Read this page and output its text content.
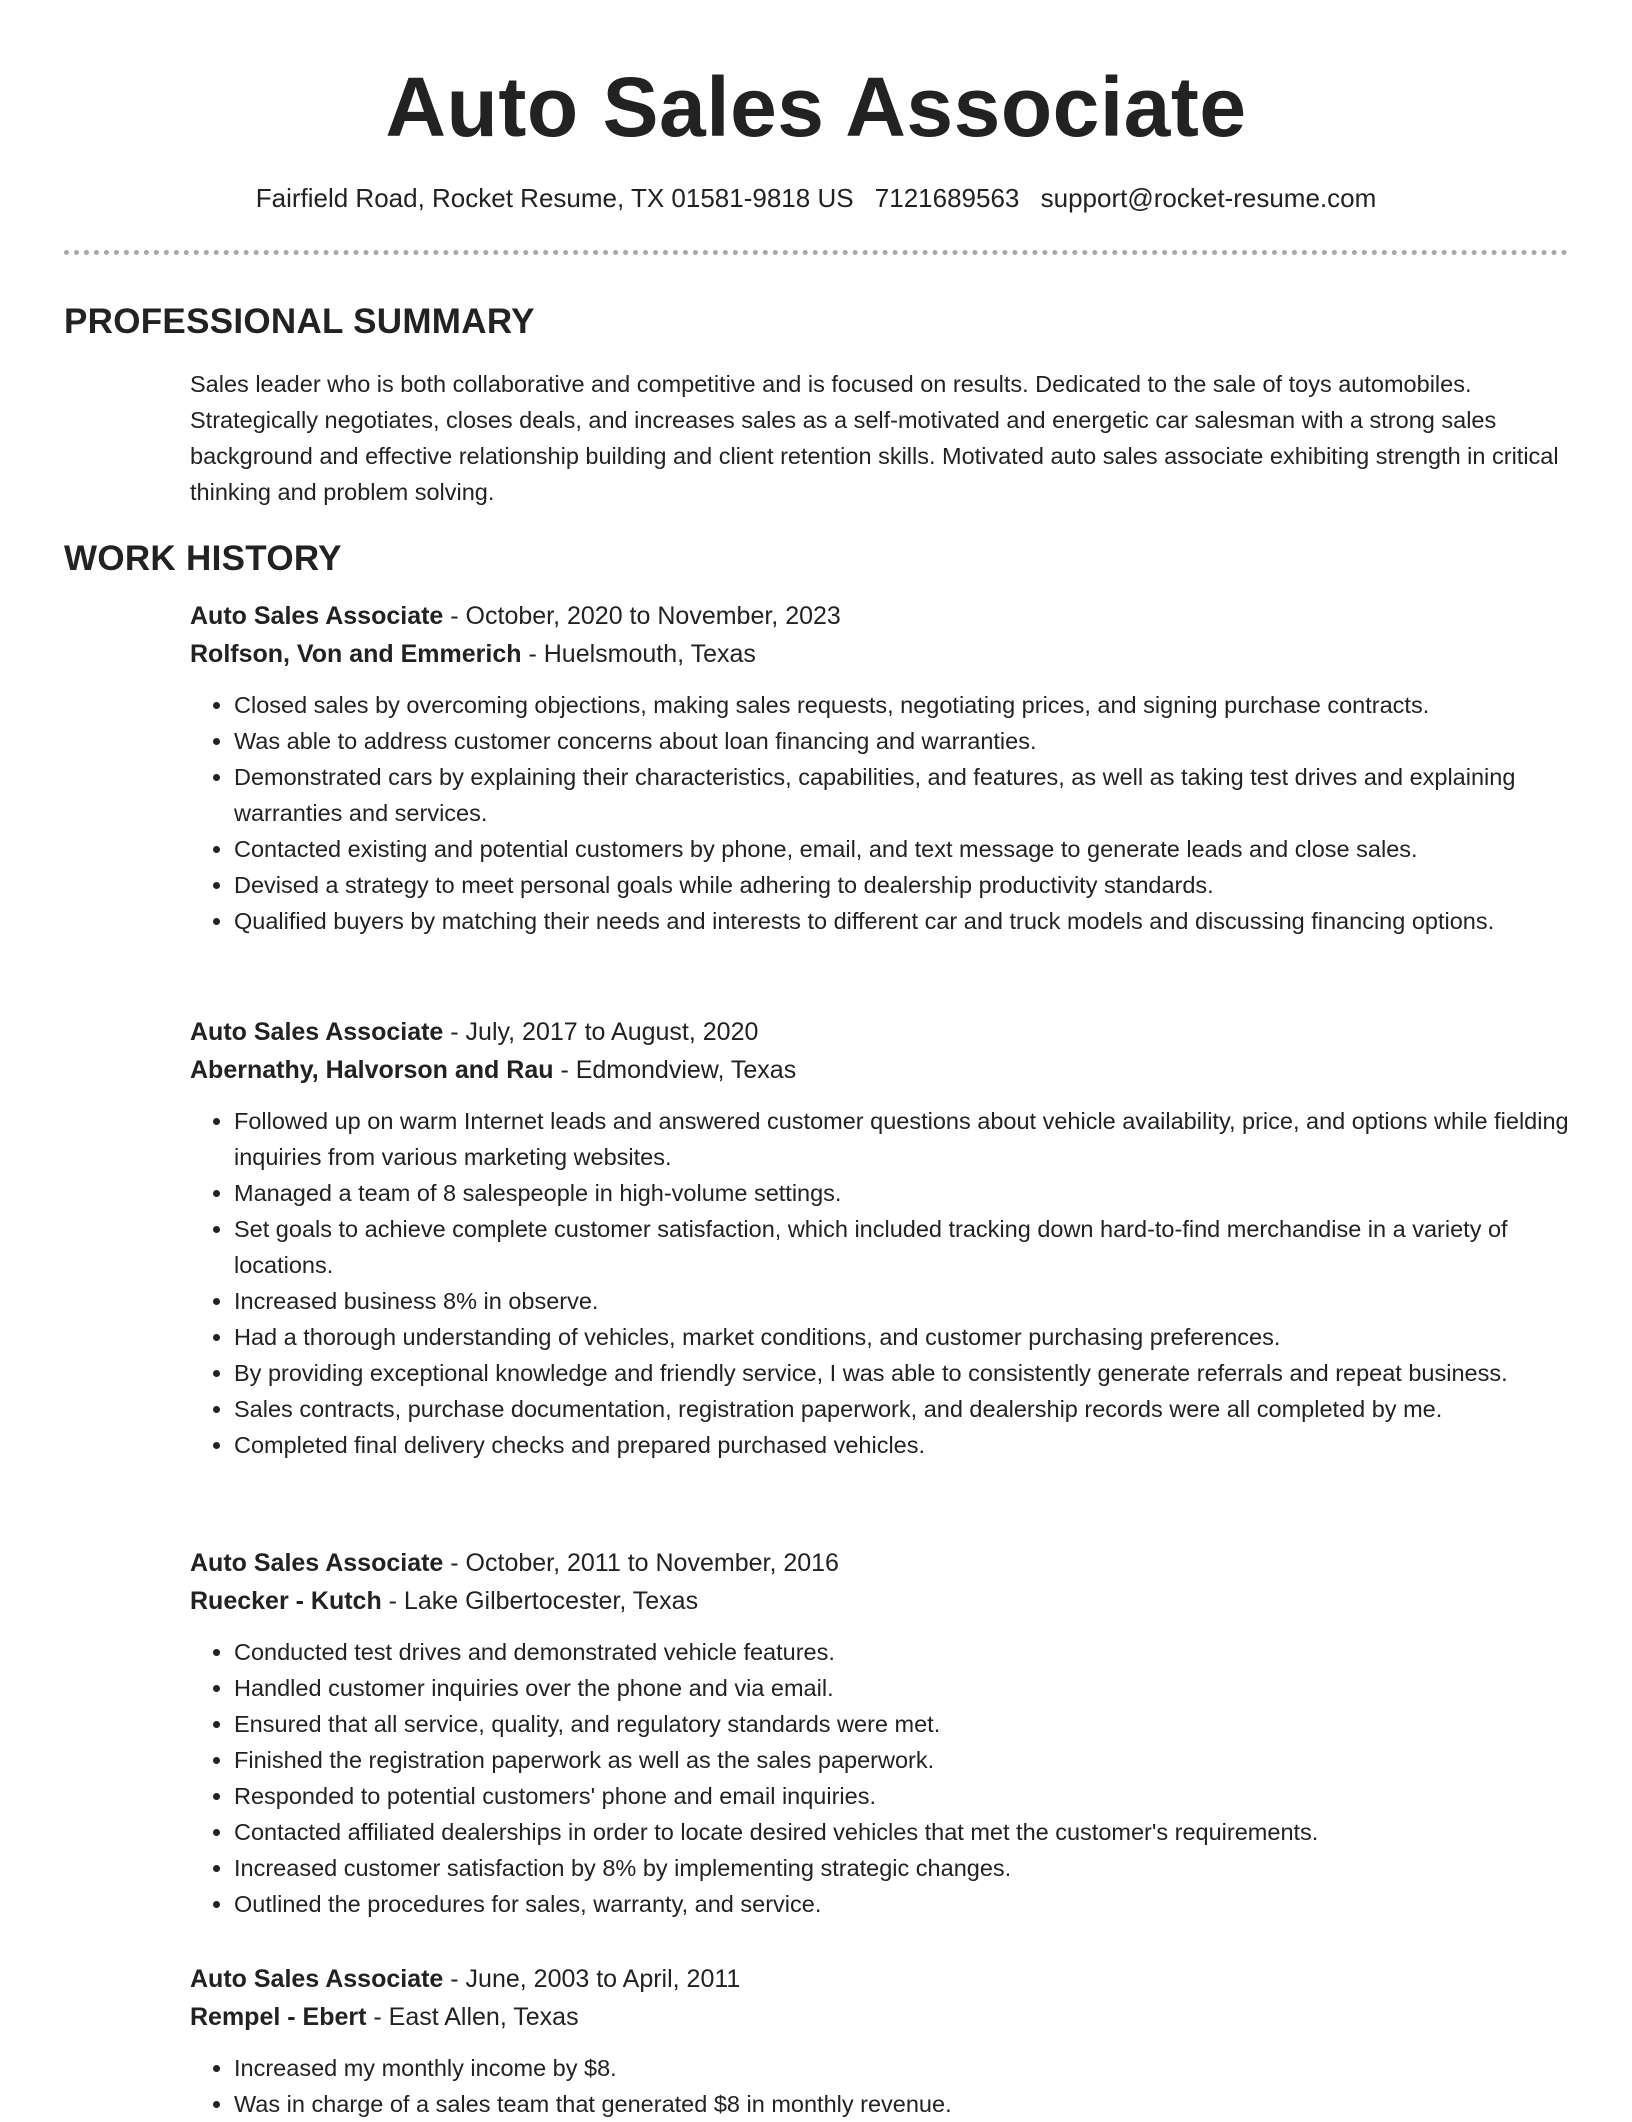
Auto Sales Associate
Fairfield Road, Rocket Resume, TX 01581-9818 US 7121689563 support@rocket-resume.com
PROFESSIONAL SUMMARY

Sales leader who is both collaborative and competitive and is focused on results. Dedicated to the sale of toys automobiles. Strategically negotiates, closes deals, and increases sales as a self-motivated and energetic car salesman with a strong sales background and effective relationship building and client retention skills. Motivated auto sales associate exhibiting strength in critical thinking and problem solving.

WORK HISTORY

Auto Sales Associate - October, 2020 to November, 2023

Rolfson, Von and Emmerich - Huelsmouth, Texas

• Closed sales by overcoming objections, making sales requests, negotiating prices, and signing purchase contracts.
• Was able to address customer concerns about loan financing and warranties.
• Demonstrated cars by explaining their characteristics, capabilities, and features, as well as taking test drives and explaining warranties and services.
• Contacted existing and potential customers by phone, email, and text message to generate leads and close sales.
• Devised a strategy to meet personal goals while adhering to dealership productivity standards.
• Qualified buyers by matching their needs and interests to different car and truck models and discussing financing options.

Auto Sales Associate - July, 2017 to August, 2020

Abernathy, Halvorson and Rau - Edmondview, Texas

• Followed up on warm Internet leads and answered customer questions about vehicle availability, price, and options while fielding inquiries from various marketing websites.
• Managed a team of 8 salespeople in high-volume settings.
• Set goals to achieve complete customer satisfaction, which included tracking down hard-to-find merchandise in a variety of locations.
• Increased business 8% in observe.
• Had a thorough understanding of vehicles, market conditions, and customer purchasing preferences.
• By providing exceptional knowledge and friendly service, I was able to consistently generate referrals and repeat business.
• Sales contracts, purchase documentation, registration paperwork, and dealership records were all completed by me.
• Completed final delivery checks and prepared purchased vehicles.

Auto Sales Associate - October, 2011 to November, 2016

Ruecker - Kutch - Lake Gilbertocester, Texas

• Conducted test drives and demonstrated vehicle features.
• Handled customer inquiries over the phone and via email.
• Ensured that all service, quality, and regulatory standards were met.
• Finished the registration paperwork as well as the sales paperwork.
• Responded to potential customers' phone and email inquiries.
• Contacted affiliated dealerships in order to locate desired vehicles that met the customer's requirements.
• Increased customer satisfaction by 8% by implementing strategic changes.
• Outlined the procedures for sales, warranty, and service.

Auto Sales Associate - June, 2003 to April, 2011

Rempel - Ebert - East Allen, Texas

• Increased my monthly income by $8.
• Was in charge of a sales team that generated $8 in monthly revenue.
